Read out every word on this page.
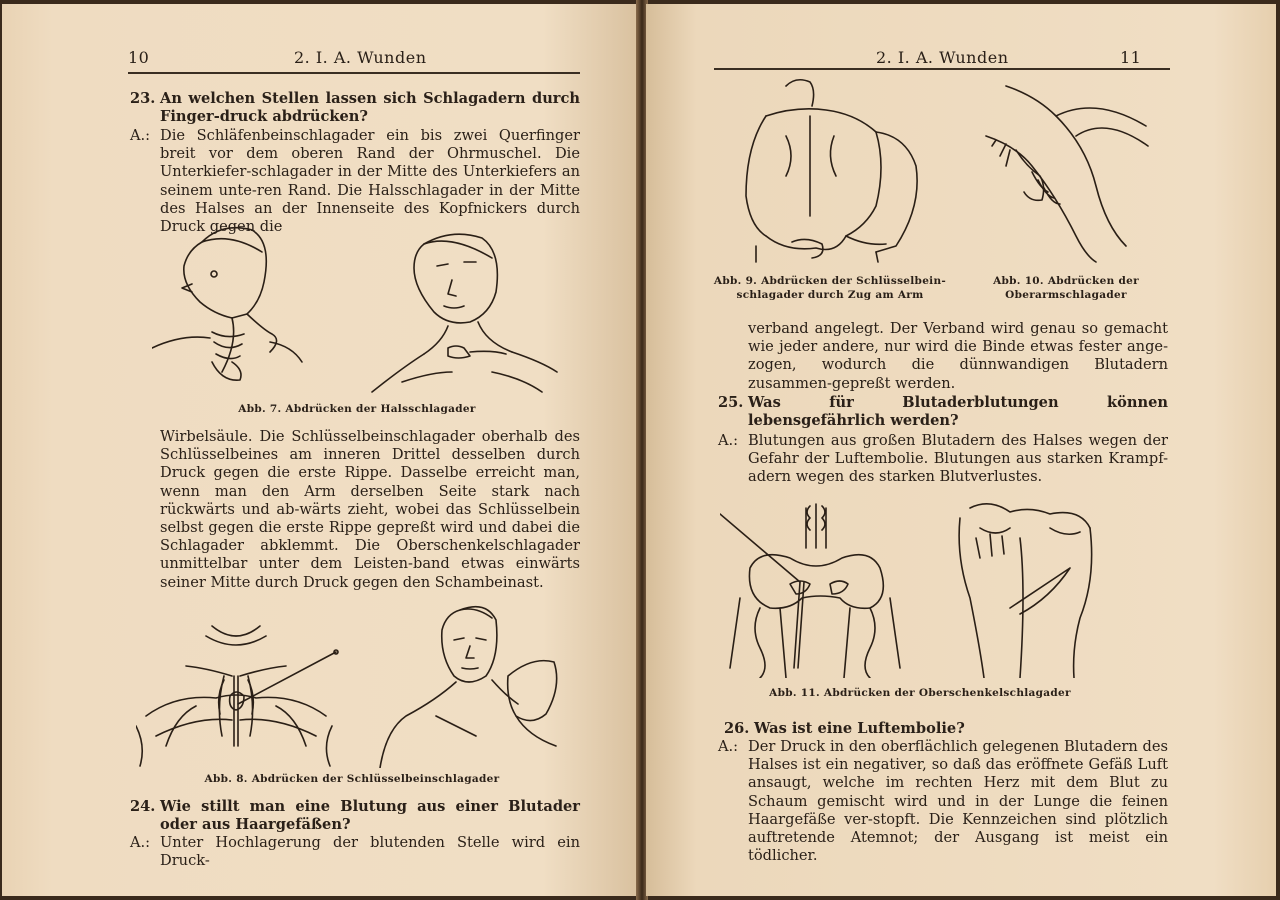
10	2. I. A. Wunden
23. An welchen Stellen lassen sich Schlagadern durch Finger-druck abdrücken?
A.: Die Schläfenbeinschlagader ein bis zwei Querfinger breit vor dem oberen Rand der Ohrmuschel. Die Unterkiefer-schlagader in der Mitte des Unterkiefers an seinem unte-ren Rand. Die Halsschlagader in der Mitte des Halses an der Innenseite des Kopfnickers durch Druck gegen die
Abb. 7. Abdrücken der Halsschlagader
Wirbelsäule. Die Schlüsselbeinschlagader oberhalb des Schlüsselbeines am inneren Drittel desselben durch Druck gegen die erste Rippe. Dasselbe erreicht man, wenn man den Arm derselben Seite stark nach rückwärts und ab-wärts zieht, wobei das Schlüsselbein selbst gegen die erste Rippe gepreßt wird und dabei die Schlagader abklemmt. Die Oberschenkelschlagader unmittelbar unter dem Leisten-band etwas einwärts seiner Mitte durch Druck gegen den Schambeinast.
Abb. 8. Abdrücken der Schlüsselbeinschlagader
24. Wie stillt man eine Blutung aus einer Blutader oder aus Haargefäßen?
A.: Unter Hochlagerung der blutenden Stelle wird ein Druck-
2. I. A. Wunden	11
Abb. 9. Abdrücken der Schlüsselbein-schlagader durch Zug am Arm
Abb. 10. Abdrücken der Oberarmschlagader
verband angelegt. Der Verband wird genau so gemacht wie jeder andere, nur wird die Binde etwas fester ange-zogen, wodurch die dünnwandigen Blutadern zusammen-gepreßt werden.
25. Was für Blutaderblutungen können lebensgefährlich werden?
A.: Blutungen aus großen Blutadern des Halses wegen der Gefahr der Luftembolie. Blutungen aus starken Krampf-adern wegen des starken Blutverlustes.
Abb. 11. Abdrücken der Oberschenkelschlagader
26. Was ist eine Luftembolie?
A.: Der Druck in den oberflächlich gelegenen Blutadern des Halses ist ein negativer, so daß das eröffnete Gefäß Luft ansaugt, welche im rechten Herz mit dem Blut zu Schaum gemischt wird und in der Lunge die feinen Haargefäße ver-stopft. Die Kennzeichen sind plötzlich auftretende Atemnot; der Ausgang ist meist ein tödlicher.
